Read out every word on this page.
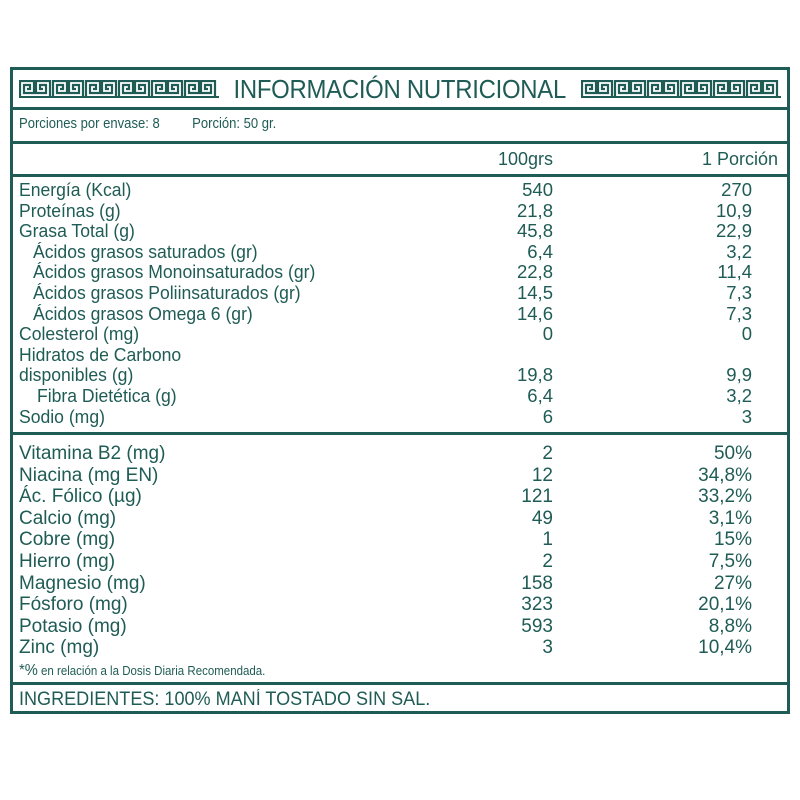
INFORMACIÓN NUTRICIONAL
Porciones por envase: 8 Porción: 50 gr.
100grs	1 Porción
Energía (Kcal)	540	270
Proteínas (g)	21,8	10,9
Grasa Total (g)	45,8	22,9
Ácidos grasos saturados (gr)	6,4	3,2
Ácidos grasos Monoinsaturados (gr)	22,8	11,4
Ácidos grasos Poliinsaturados (gr)	14,5	7,3
Ácidos grasos Omega 6 (gr)	14,6	7,3
Colesterol (mg)	0	0
Hidratos de Carbono
disponibles (g)	19,8	9,9
Fibra Dietética (g)	6,4	3,2
Sodio (mg)	6	3
Vitamina B2 (mg)	2	50%
Niacina (mg EN)	12	34,8%
Ác. Fólico (µg)	121	33,2%
Calcio (mg)	49	3,1%
Cobre (mg)	1	15%
Hierro (mg)	2	7,5%
Magnesio (mg)	158	27%
Fósforo (mg)	323	20,1%
Potasio (mg)	593	8,8%
Zinc (mg)	3	10,4%
*% en relación a la Dosis Diaria Recomendada.
INGREDIENTES: 100% MANÍ TOSTADO SIN SAL.
